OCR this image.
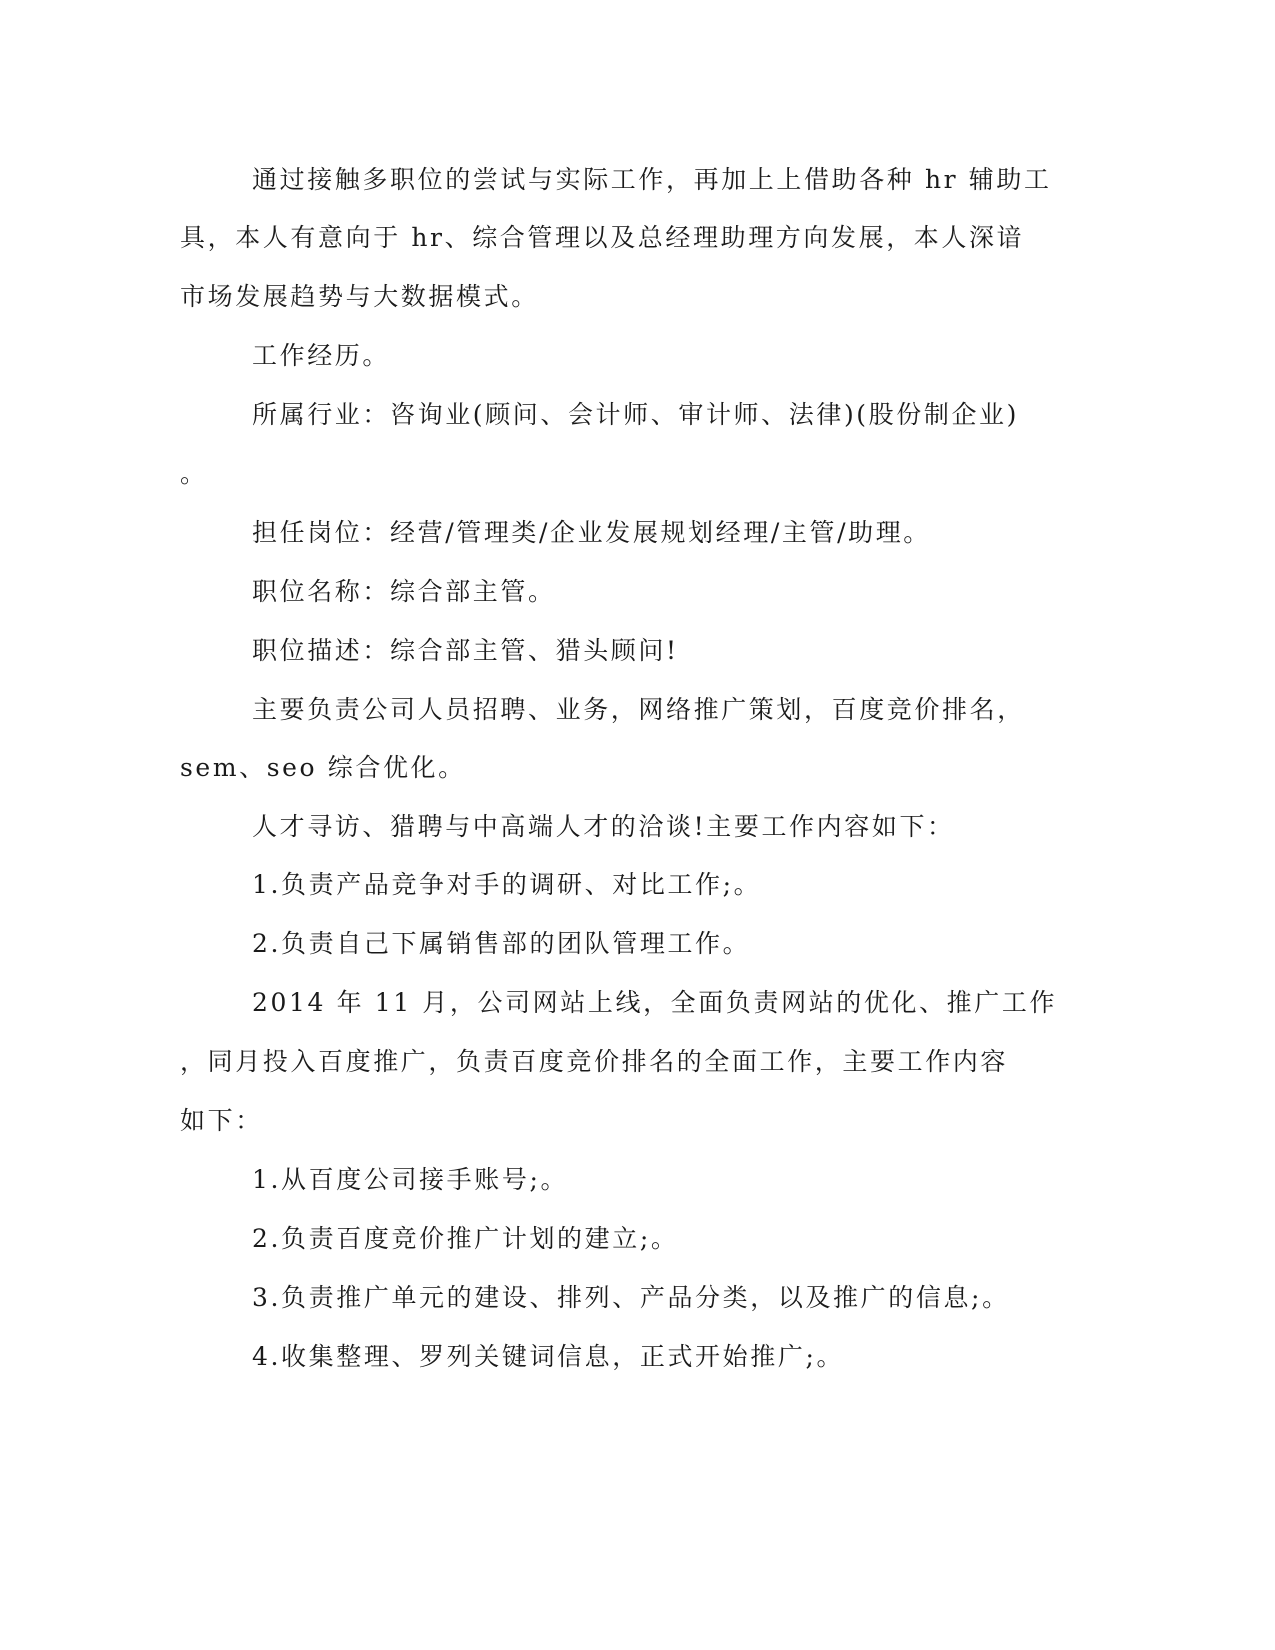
通过接触多职位的尝试与实际工作，再加上上借助各种 hr 辅助工
具，本人有意向于 hr、综合管理以及总经理助理方向发展，本人深谙
市场发展趋势与大数据模式。
工作经历。
所属行业：咨询业(顾问、会计师、审计师、法律)(股份制企业)
。
担任岗位：经营/管理类/企业发展规划经理/主管/助理。
职位名称：综合部主管。
职位描述：综合部主管、猎头顾问!
主要负责公司人员招聘、业务，网络推广策划，百度竞价排名，
sem、seo 综合优化。
人才寻访、猎聘与中高端人才的洽谈!主要工作内容如下：
1.负责产品竞争对手的调研、对比工作;。
2.负责自己下属销售部的团队管理工作。
2014 年 11 月，公司网站上线，全面负责网站的优化、推广工作
，同月投入百度推广，负责百度竞价排名的全面工作，主要工作内容
如下：
1.从百度公司接手账号;。
2.负责百度竞价推广计划的建立;。
3.负责推广单元的建设、排列、产品分类，以及推广的信息;。
4.收集整理、罗列关键词信息，正式开始推广;。
